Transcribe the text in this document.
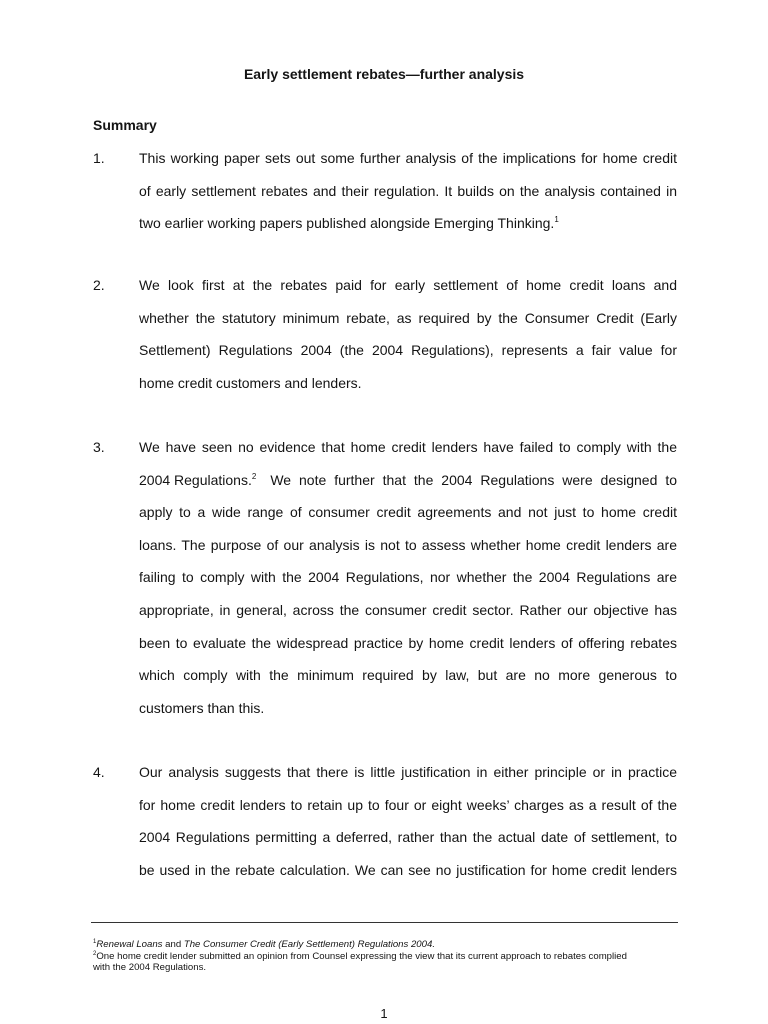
Early settlement rebates—further analysis
Summary
1. This working paper sets out some further analysis of the implications for home credit
of early settlement rebates and their regulation. It builds on the analysis contained in
two earlier working papers published alongside Emerging Thinking.$^1$
2. We look first at the rebates paid for early settlement of home credit loans and
whether the statutory minimum rebate, as required by the Consumer Credit (Early
Settlement) Regulations 2004 (the 2004 Regulations), represents a fair value for
home credit customers and lenders.
3. We have seen no evidence that home credit lenders have failed to comply with the
2004 Regulations.$^2$ We note further that the 2004 Regulations were designed to
apply to a wide range of consumer credit agreements and not just to home credit
loans. The purpose of our analysis is not to assess whether home credit lenders are
failing to comply with the 2004 Regulations, nor whether the 2004 Regulations are
appropriate, in general, across the consumer credit sector. Rather our objective has
been to evaluate the widespread practice by home credit lenders of offering rebates
which comply with the minimum required by law, but are no more generous to
customers than this.
4. Our analysis suggests that there is little justification in either principle or in practice
for home credit lenders to retain up to four or eight weeks’ charges as a result of the
2004 Regulations permitting a deferred, rather than the actual date of settlement, to
be used in the rebate calculation. We can see no justification for home credit lenders
$^1$Renewal Loans and The Consumer Credit (Early Settlement) Regulations 2004.
$^2$One home credit lender submitted an opinion from Counsel expressing the view that its current approach to rebates complied
with the 2004 Regulations.
1
